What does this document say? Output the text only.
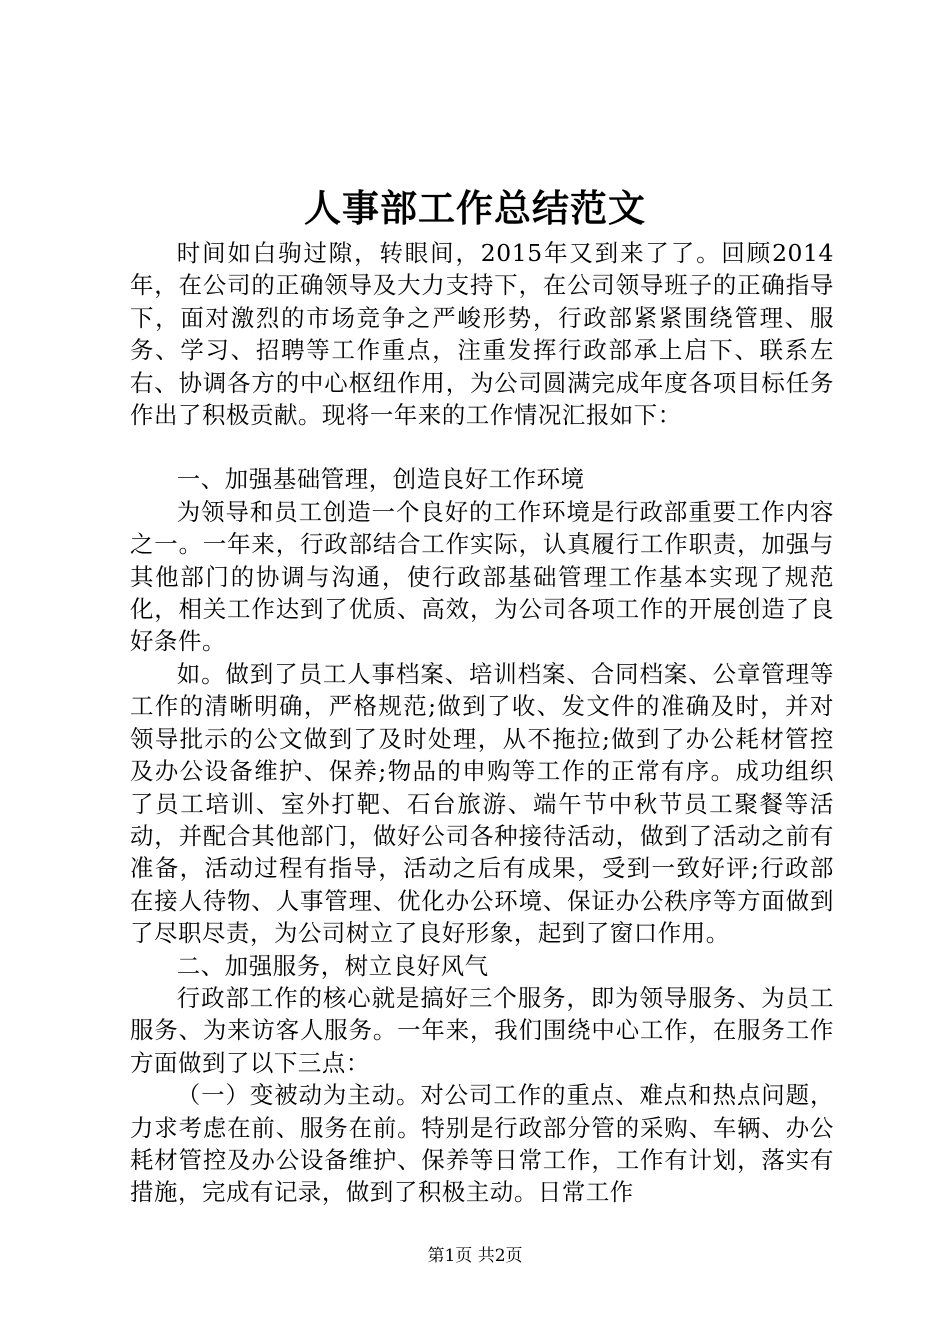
人事部工作总结范文

时间如白驹过隙，转眼间，2015年又到来了了。回顾2014年，在公司的正确领导及大力支持下，在公司领导班子的正确指导下，面对激烈的市场竞争之严峻形势，行政部紧紧围绕管理、服务、学习、招聘等工作重点，注重发挥行政部承上启下、联系左右、协调各方的中心枢纽作用，为公司圆满完成年度各项目标任务作出了积极贡献。现将一年来的工作情况汇报如下：

一、加强基础管理，创造良好工作环境

为领导和员工创造一个良好的工作环境是行政部重要工作内容之一。一年来，行政部结合工作实际，认真履行工作职责，加强与其他部门的协调与沟通，使行政部基础管理工作基本实现了规范化，相关工作达到了优质、高效，为公司各项工作的开展创造了良好条件。

如。做到了员工人事档案、培训档案、合同档案、公章管理等工作的清晰明确，严格规范;做到了收、发文件的准确及时，并对领导批示的公文做到了及时处理，从不拖拉;做到了办公耗材管控及办公设备维护、保养;物品的申购等工作的正常有序。成功组织了员工培训、室外打靶、石台旅游、端午节中秋节员工聚餐等活动，并配合其他部门，做好公司各种接待活动，做到了活动之前有准备，活动过程有指导，活动之后有成果，受到一致好评;行政部在接人待物、人事管理、优化办公环境、保证办公秩序等方面做到了尽职尽责，为公司树立了良好形象，起到了窗口作用。

二、加强服务，树立良好风气

行政部工作的核心就是搞好三个服务，即为领导服务、为员工服务、为来访客人服务。一年来，我们围绕中心工作，在服务工作方面做到了以下三点：

（一）变被动为主动。对公司工作的重点、难点和热点问题，力求考虑在前、服务在前。特别是行政部分管的采购、车辆、办公耗材管控及办公设备维护、保养等日常工作，工作有计划，落实有措施，完成有记录，做到了积极主动。日常工作

第1页 共2页
